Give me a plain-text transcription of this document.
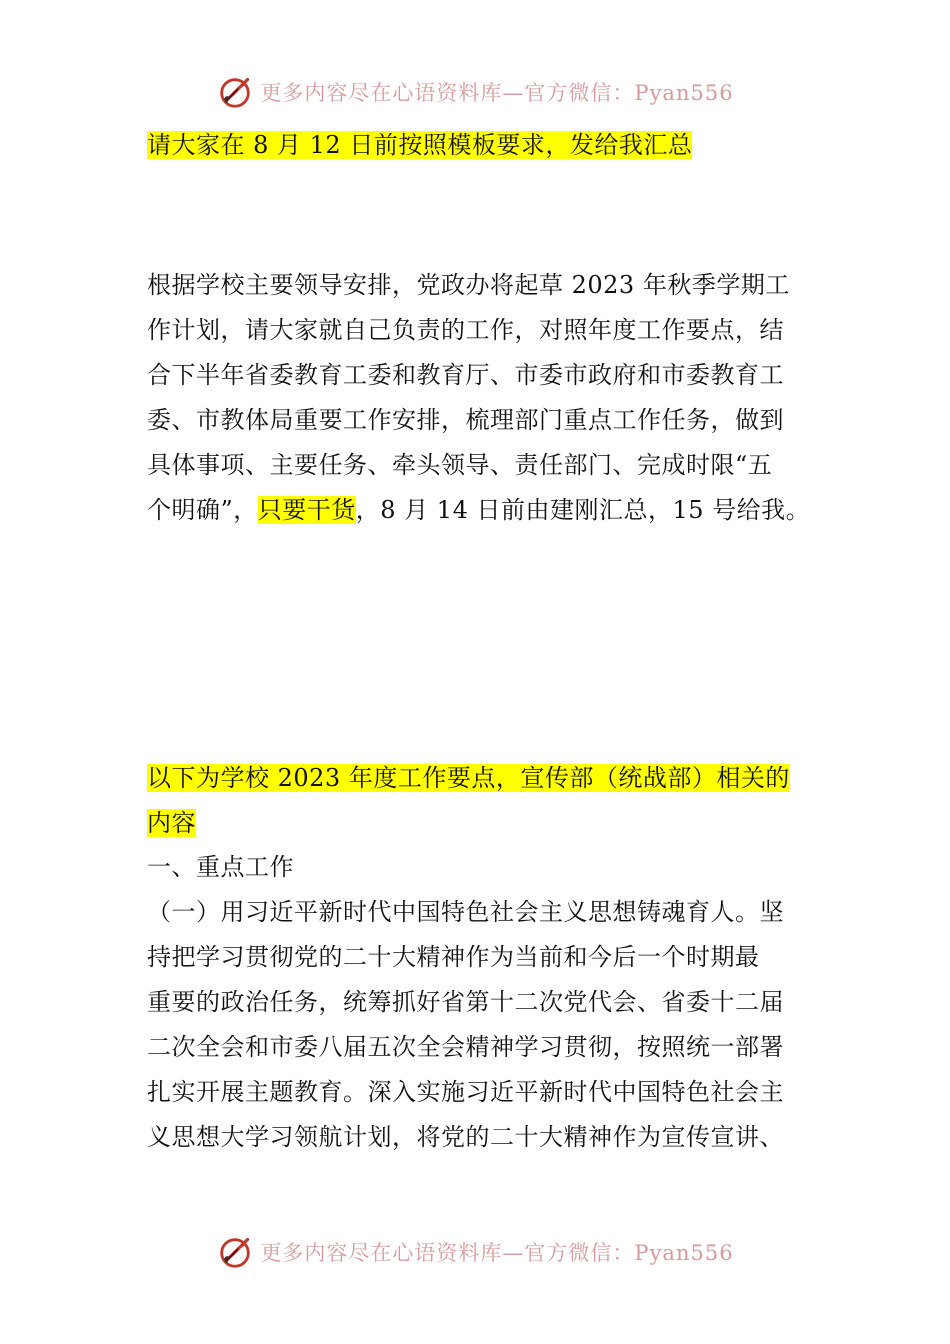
更多内容尽在心语资料库—官方微信：Pyan556
请大家在 8 月 12 日前按照模板要求，发给我汇总
根据学校主要领导安排，党政办将起草 2023 年秋季学期工
作计划，请大家就自己负责的工作，对照年度工作要点，结
合下半年省委教育工委和教育厅、市委市政府和市委教育工
委、市教体局重要工作安排，梳理部门重点工作任务，做到
具体事项、主要任务、牵头领导、责任部门、完成时限“五
个明确”，只要干货，8 月 14 日前由建刚汇总，15 号给我。
以下为学校 2023 年度工作要点，宣传部（统战部）相关的
内容
一、重点工作
（一）用习近平新时代中国特色社会主义思想铸魂育人。坚
持把学习贯彻党的二十大精神作为当前和今后一个时期最
重要的政治任务，统筹抓好省第十二次党代会、省委十二届
二次全会和市委八届五次全会精神学习贯彻，按照统一部署
扎实开展主题教育。深入实施习近平新时代中国特色社会主
义思想大学习领航计划，将党的二十大精神作为宣传宣讲、
更多内容尽在心语资料库—官方微信：Pyan556
